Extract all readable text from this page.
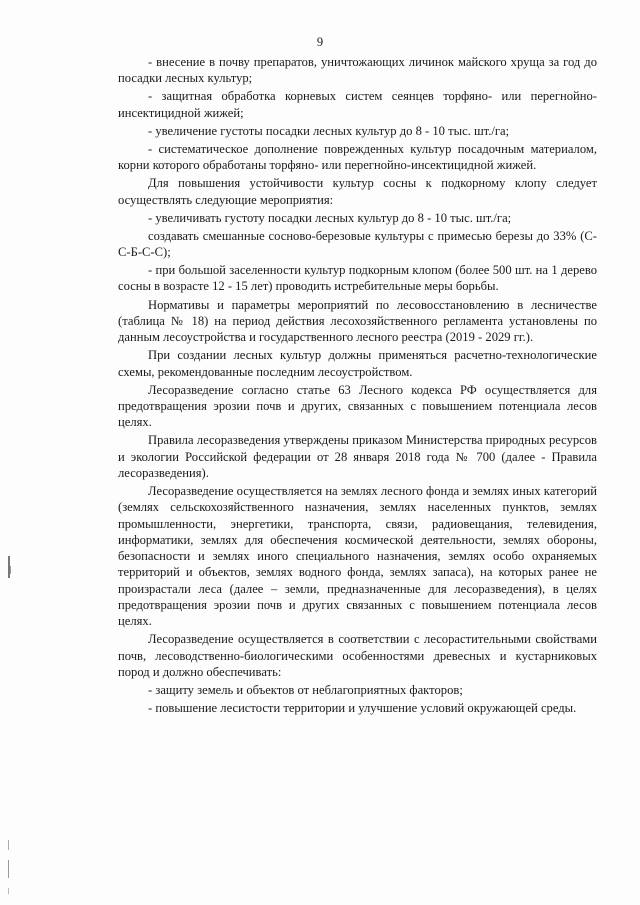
9

- внесение в почву препаратов, уничтожающих личинок майского хруща за год до посадки лесных культур;

- защитная обработка корневых систем сеянцев торфяно- или перегнойно-инсектицидной жижей;

- увеличение густоты посадки лесных культур до 8 - 10 тыс. шт./га;

- систематическое дополнение поврежденных культур посадочным материалом, корни которого обработаны торфяно- или перегнойно-инсектицидной жижей.

Для повышения устойчивости культур сосны к подкорному клопу следует осуществлять следующие мероприятия:

- увеличивать густоту посадки лесных культур до 8 - 10 тыс. шт./га;

создавать смешанные сосново-березовые культуры с примесью березы до 33% (С-С-Б-С-С);

- при большой заселенности культур подкорным клопом (более 500 шт. на 1 дерево сосны в возрасте 12 - 15 лет) проводить истребительные меры борьбы.

Нормативы и параметры мероприятий по лесовосстановлению в лесничестве (таблица № 18) на период действия лесохозяйственного регламента установлены по данным лесоустройства и государственного лесного реестра (2019 - 2029 гг.).

При создании лесных культур должны применяться расчетно-технологические схемы, рекомендованные последним лесоустройством.

Лесоразведение согласно статье 63 Лесного кодекса РФ осуществляется для предотвращения эрозии почв и других, связанных с повышением потенциала лесов целях.

Правила лесоразведения утверждены приказом Министерства природных ресурсов и экологии Российской федерации от 28 января 2018 года № 700 (далее - Правила лесоразведения).

Лесоразведение осуществляется на землях лесного фонда и землях иных категорий (землях сельскохозяйственного назначения, землях населенных пунктов, землях промышленности, энергетики, транспорта, связи, радиовещания, телевидения, информатики, землях для обеспечения космической деятельности, землях обороны, безопасности и землях иного специального назначения, землях особо охраняемых территорий и объектов, землях водного фонда, землях запаса), на которых ранее не произрастали леса (далее – земли, предназначенные для лесоразведения), в целях предотвращения эрозии почв и других связанных с повышением потенциала лесов целях.

Лесоразведение осуществляется в соответствии с лесорастительными свойствами почв, лесоводственно-биологическими особенностями древесных и кустарниковых пород и должно обеспечивать:

- защиту земель и объектов от неблагоприятных факторов;

- повышение лесистости территории и улучшение условий окружающей среды.
